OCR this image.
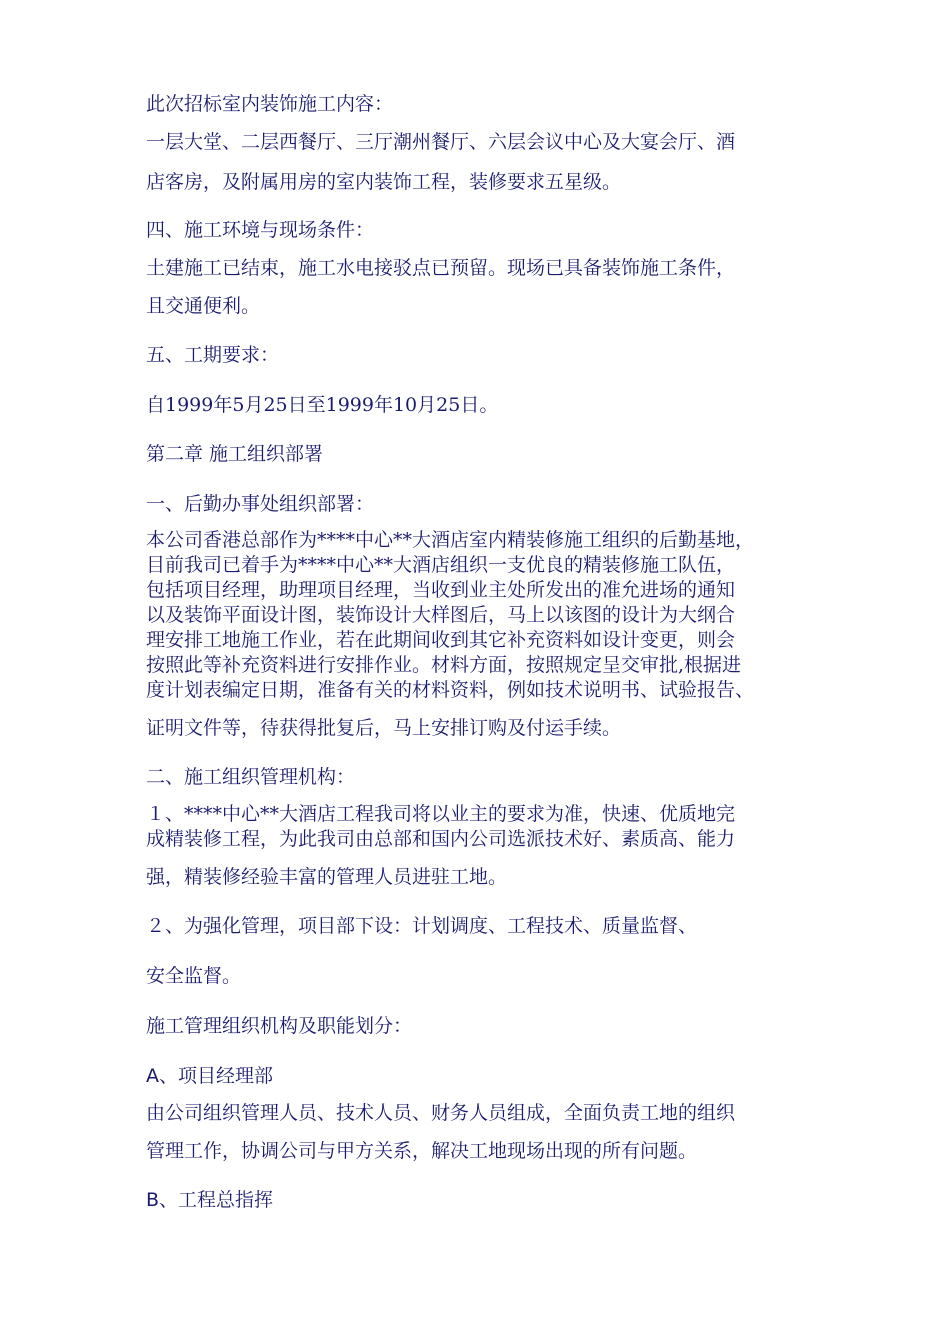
此次招标室内装饰施工内容：
一层大堂、二层西餐厅、三厅潮州餐厅、六层会议中心及大宴会厅、酒
店客房，及附属用房的室内装饰工程，装修要求五星级。
四、施工环境与现场条件：
土建施工已结束，施工水电接驳点已预留。现场已具备装饰施工条件，
且交通便利。
五、工期要求：
自1999年5月25日至1999年10月25日。
第二章 施工组织部署
一、后勤办事处组织部署：
本公司香港总部作为****中心**大酒店室内精装修施工组织的后勤基地，
目前我司已着手为****中心**大酒店组织一支优良的精装修施工队伍，
包括项目经理，助理项目经理，当收到业主处所发出的准允进场的通知
以及装饰平面设计图，装饰设计大样图后，马上以该图的设计为大纲合
理安排工地施工作业，若在此期间收到其它补充资料如设计变更，则会
按照此等补充资料进行安排作业。材料方面，按照规定呈交审批,根据进
度计划表编定日期，准备有关的材料资料，例如技术说明书、试验报告、
证明文件等，待获得批复后，马上安排订购及付运手续。
二、施工组织管理机构：
１、****中心**大酒店工程我司将以业主的要求为准，快速、优质地完
成精装修工程，为此我司由总部和国内公司选派技术好、素质高、能力
强，精装修经验丰富的管理人员进驻工地。
２、为强化管理，项目部下设：计划调度、工程技术、质量监督、
安全监督。
施工管理组织机构及职能划分：
A、项目经理部
由公司组织管理人员、技术人员、财务人员组成，全面负责工地的组织
管理工作，协调公司与甲方关系，解决工地现场出现的所有问题。
B、工程总指挥
